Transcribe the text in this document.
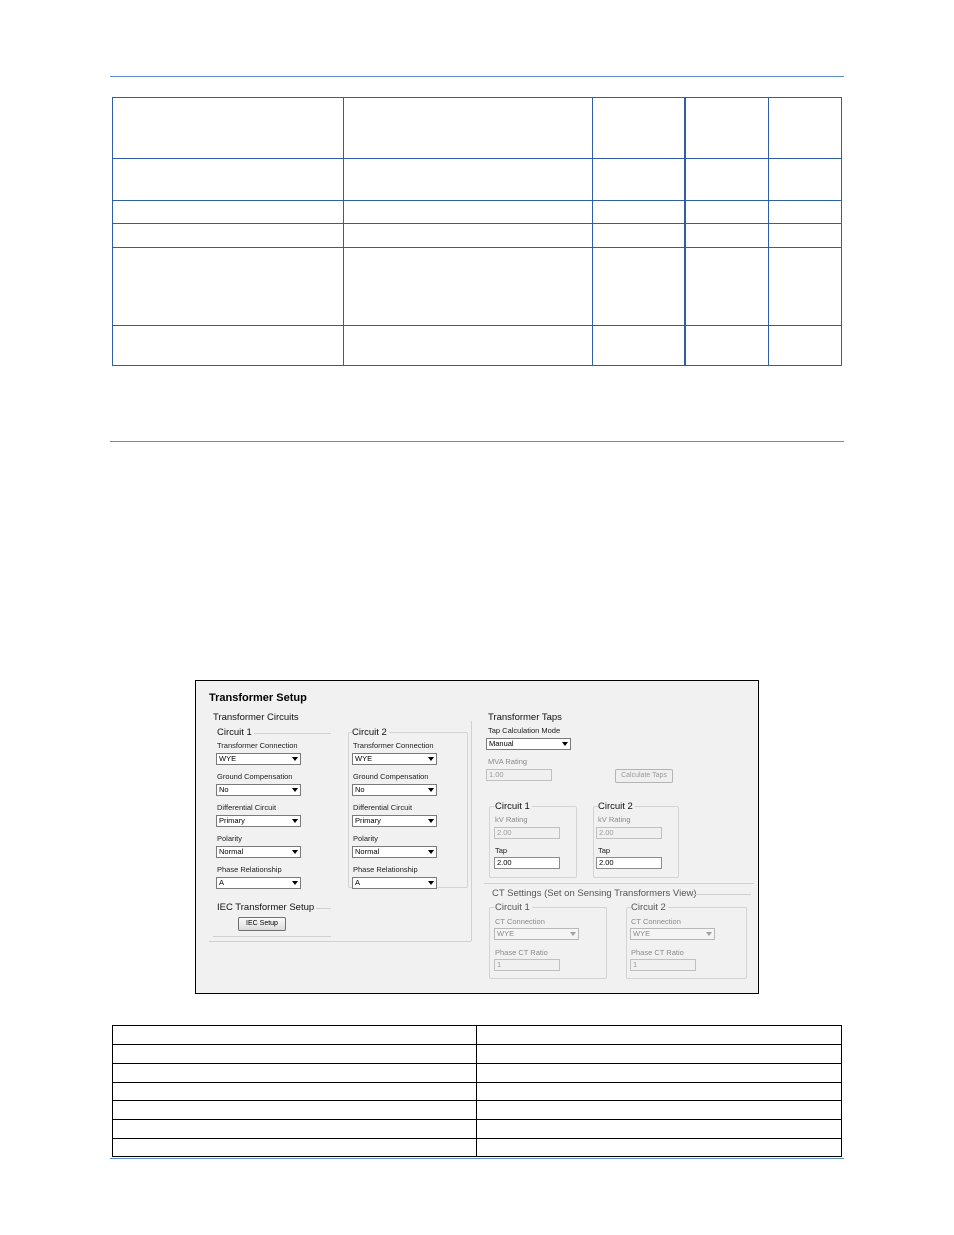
Transformer Setup
Transformer Circuits
Circuit 1
Transformer Connection
WYE
Ground Compensation
No
Differential Circuit
Primary
Polarity
Normal
Phase Relationship
A
Circuit 2
Transformer Connection
WYE
Ground Compensation
No
Differential Circuit
Primary
Polarity
Normal
Phase Relationship
A
IEC Transformer Setup
IEC Setup
Transformer Taps
Tap Calculation Mode
Manual
MVA Rating
1.00	Calculate Taps
Circuit 1
kV Rating
2.00
Tap
2.00
Circuit 2
kV Rating
2.00
Tap
2.00
CT Settings (Set on Sensing Transformers View)
Circuit 1
CT Connection
WYE
Phase CT Ratio
1
Circuit 2
CT Connection
WYE
Phase CT Ratio
1
